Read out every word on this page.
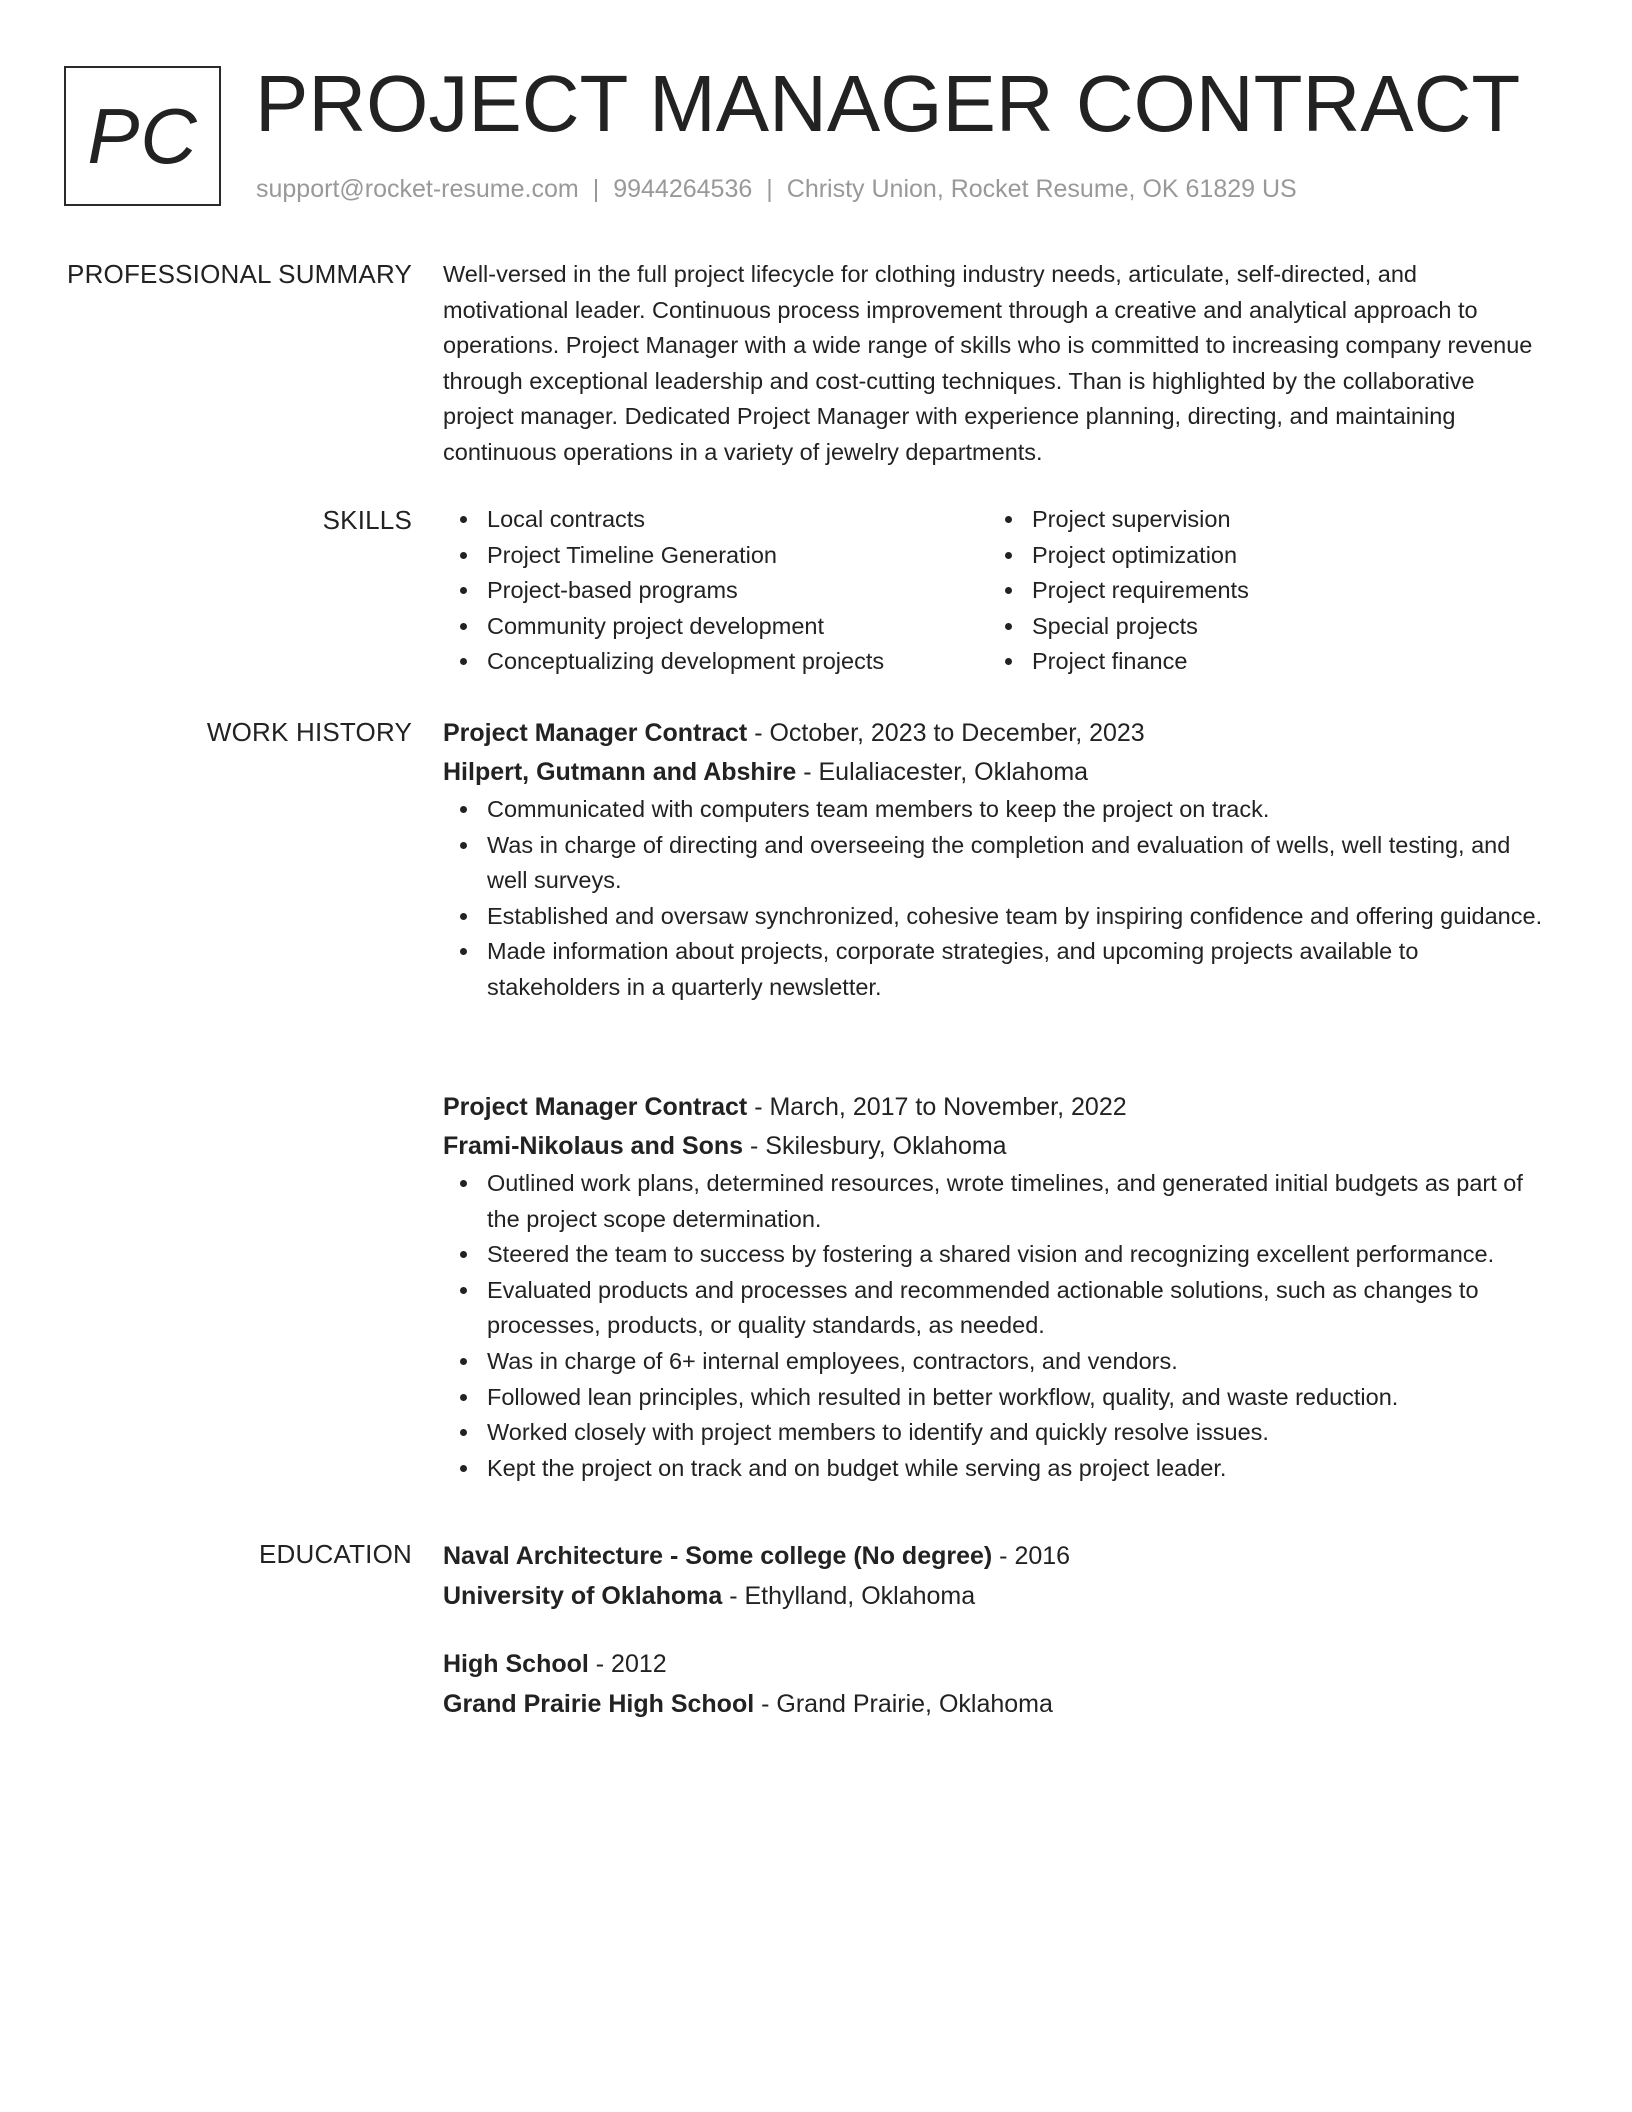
PC PROJECT MANAGER CONTRACT
support@rocket-resume.com | 9944264536 | Christy Union, Rocket Resume, OK 61829 US
PROFESSIONAL SUMMARY Well-versed in the full project lifecycle for clothing industry needs, articulate, self-directed, and motivational leader. Continuous process improvement through a creative and analytical approach to operations. Project Manager with a wide range of skills who is committed to increasing company revenue through exceptional leadership and cost-cutting techniques. Than is highlighted by the collaborative project manager. Dedicated Project Manager with experience planning, directing, and maintaining continuous operations in a variety of jewelry departments.

SKILLS	Local contracts
Project Timeline Generation
Project-based programs
Community project development
Conceptualizing development projects
Project supervision
Project optimization
Project requirements
Special projects
Project finance
WORK HISTORY Project Manager Contract - October, 2023 to December, 2023
Hilpert, Gutmann and Abshire - Eulaliacester, Oklahoma
Communicated with computers team members to keep the project on track.
Was in charge of directing and overseeing the completion and evaluation of wells, well testing, and well surveys.
Established and oversaw synchronized, cohesive team by inspiring confidence and offering guidance.
Made information about projects, corporate strategies, and upcoming projects available to stakeholders in a quarterly newsletter.
Project Manager Contract - March, 2017 to November, 2022
Frami-Nikolaus and Sons - Skilesbury, Oklahoma
Outlined work plans, determined resources, wrote timelines, and generated initial budgets as part of the project scope determination.
Steered the team to success by fostering a shared vision and recognizing excellent performance.
Evaluated products and processes and recommended actionable solutions, such as changes to processes, products, or quality standards, as needed.
Was in charge of 6+ internal employees, contractors, and vendors.
Followed lean principles, which resulted in better workflow, quality, and waste reduction.
Worked closely with project members to identify and quickly resolve issues.
Kept the project on track and on budget while serving as project leader.
EDUCATION Naval Architecture - Some college (No degree) - 2016
University of Oklahoma - Ethylland, Oklahoma
High School - 2012
Grand Prairie High School - Grand Prairie, Oklahoma
